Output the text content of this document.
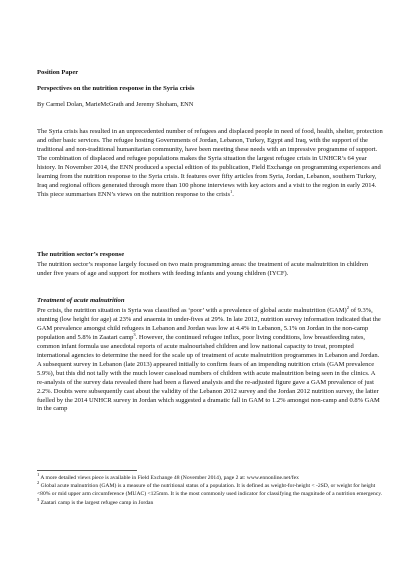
Position Paper
Perspectives on the nutrition response in the Syria crisis
By Carmel Dolan, MarieMcGrath and Jeremy Shoham, ENN

The Syria crisis has resulted in an unprecedented number of refugees and displaced people in need of food, health, shelter, protection and other basic services. The refugee hosting Governments of Jordan, Lebanon, Turkey, Egypt and Iraq, with the support of the traditional and non-traditional humanitarian community, have been meeting these needs with an impressive programme of support. The combination of displaced and refugee populations makes the Syria situation the largest refugee crisis in UNHCR’s 64 year history. In November 2014, the ENN produced a special edition of its publication, Field Exchange on programming experiences and learning from the nutrition response to the Syria crisis. It features over fifty articles from Syria, Jordan, Lebanon, southern Turkey, Iraq and regional offices generated through more than 100 phone interviews with key actors and a visit to the region in early 2014. This piece summarises ENN’s views on the nutrition response to the crisis$^1$.

The nutrition sector’s response

The nutrition sector’s response largely focused on two main programming areas: the treatment of acute malnutrition in children under five years of age and support for mothers with feeding infants and young children (IYCF).

Treatment of acute malnutrition

Pre crisis, the nutrition situation is Syria was classified as ‘poor’ with a prevalence of global acute malnutrition (GAM)$^2$ of 9.3%, stunting (low height for age) at 23% and anaemia in under-fives at 29%. In late 2012, nutrition survey information indicated that the GAM prevalence amongst child refugees in Lebanon and Jordan was low at 4.4% in Lebanon, 5.1% on Jordan in the non-camp population and 5.8% in Zaatari camp$^3$. However, the continued refugee influx, poor living conditions, low breastfeeding rates, common infant formula use anecdotal reports of acute malnourished children and low national capacity to treat, prompted international agencies to determine the need for the scale up of treatment of acute malnutrition programmes in Lebanon and Jordan. A subsequent survey in Lebanon (late 2013) appeared initially to confirm fears of an impending nutrition crisis (GAM prevalence 5.9%), but this did not tally with the much lower caseload numbers of children with acute malnutrition being seen in the clinics. A re-analysis of the survey data revealed there had been a flawed analysis and the re-adjusted figure gave a GAM prevalence of just 2.2%. Doubts were subsequently cast about the validity of the Lebanon 2012 survey and the Jordan 2012 nutrition survey, the latter fuelled by the 2014 UNHCR survey in Jordan which suggested a dramatic fall in GAM to 1.2% amongst non-camp and 0.8% GAM in the camp

$^1$ A more detailed views piece is available in Field Exchange 48 (November 2014), page 2 at: www.ennonline.net/fex

$^2$ Global acute malnutrition (GAM) is a measure of the nutritional status of a population. It is defined as weight-for-height < -2SD, or weight for height <80% or mid upper arm circumference (MUAC) <125mm. It is the most commonly used indicator for classifying the magnitude of a nutrition emergency.

$^3$ Zaatari camp is the largest refugee camp in Jordan
